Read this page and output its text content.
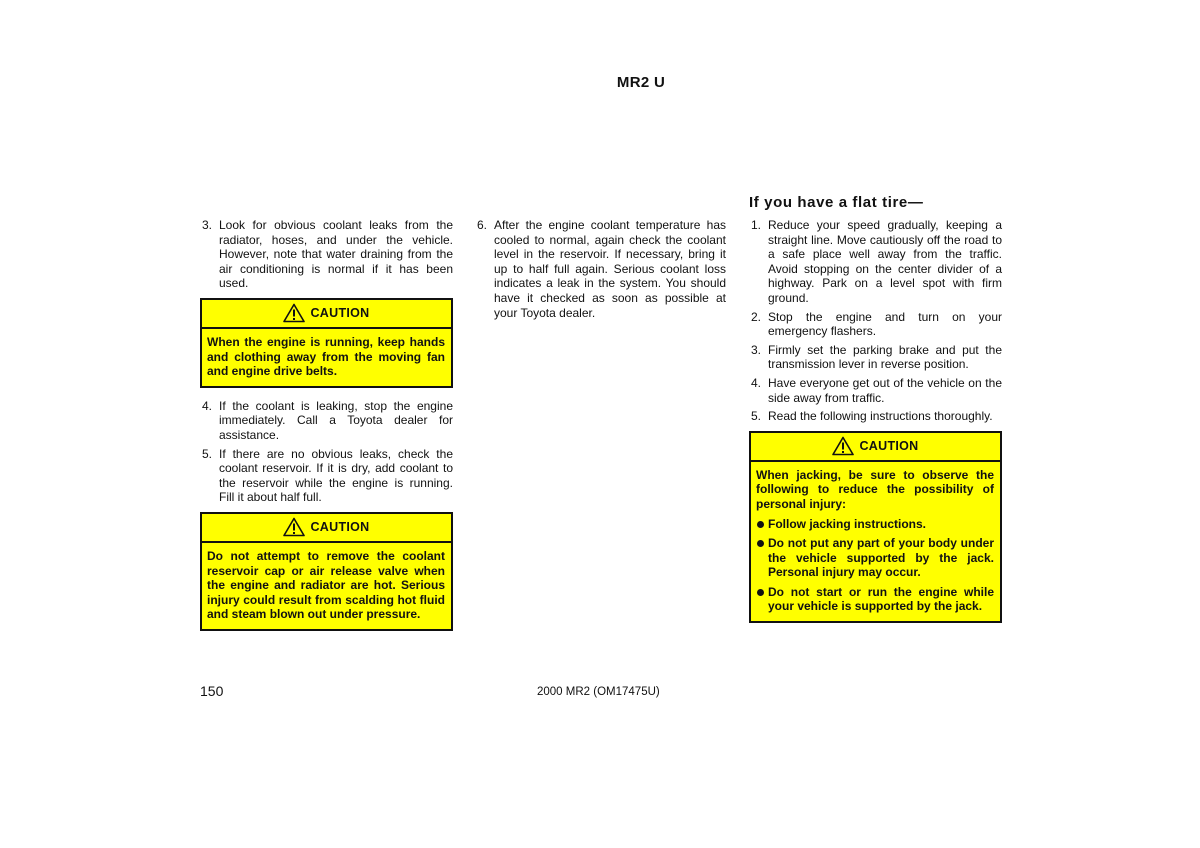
MR2 U
3. Look for obvious coolant leaks from the radiator, hoses, and under the vehicle. However, note that water draining from the air conditioning is normal if it has been used.
CAUTION

When the engine is running, keep hands and clothing away from the moving fan and engine drive belts.

4. If the coolant is leaking, stop the engine immediately. Call a Toyota dealer for assistance.
5. If there are no obvious leaks, check the coolant reservoir. If it is dry, add coolant to the reservoir while the engine is running. Fill it about half full.
CAUTION

Do not attempt to remove the coolant reservoir cap or air release valve when the engine and radiator are hot. Serious injury could result from scalding hot fluid and steam blown out under pressure.

6. After the engine coolant temperature has cooled to normal, again check the coolant level in the reservoir. If necessary, bring it up to half full again. Serious coolant loss indicates a leak in the system. You should have it checked as soon as possible at your Toyota dealer.
If you have a flat tire—
1. Reduce your speed gradually, keeping a straight line. Move cautiously off the road to a safe place well away from the traffic. Avoid stopping on the center divider of a highway. Park on a level spot with firm ground.
2. Stop the engine and turn on your emergency flashers.
3. Firmly set the parking brake and put the transmission lever in reverse position.
4. Have everyone get out of the vehicle on the side away from traffic.
5. Read the following instructions thoroughly.
CAUTION

When jacking, be sure to observe the following to reduce the possibility of personal injury:

Follow jacking instructions.
Do not put any part of your body under the vehicle supported by the jack. Personal injury may occur.
Do not start or run the engine while your vehicle is supported by the jack.
150	2000 MR2 (OM17475U)
